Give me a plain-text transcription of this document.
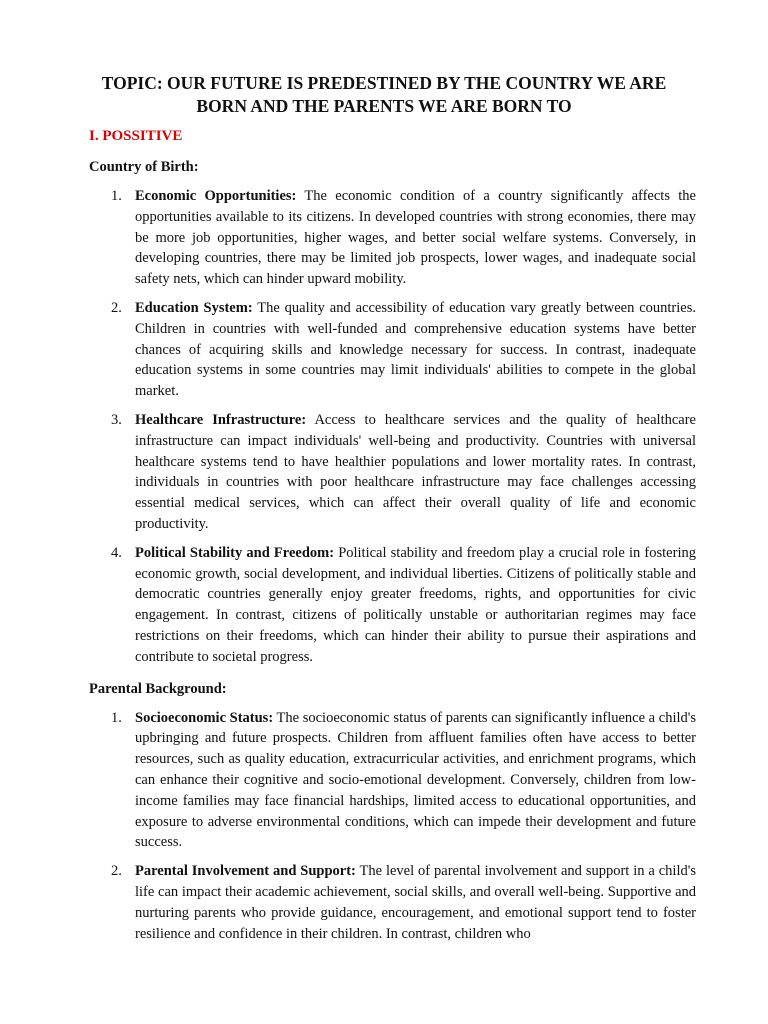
TOPIC: OUR FUTURE IS PREDESTINED BY THE COUNTRY WE ARE BORN AND THE PARENTS WE ARE BORN TO
I. POSSITIVE
Country of Birth:
1. Economic Opportunities: The economic condition of a country significantly affects the opportunities available to its citizens. In developed countries with strong economies, there may be more job opportunities, higher wages, and better social welfare systems. Conversely, in developing countries, there may be limited job prospects, lower wages, and inadequate social safety nets, which can hinder upward mobility.
2. Education System: The quality and accessibility of education vary greatly between countries. Children in countries with well-funded and comprehensive education systems have better chances of acquiring skills and knowledge necessary for success. In contrast, inadequate education systems in some countries may limit individuals' abilities to compete in the global market.
3. Healthcare Infrastructure: Access to healthcare services and the quality of healthcare infrastructure can impact individuals' well-being and productivity. Countries with universal healthcare systems tend to have healthier populations and lower mortality rates. In contrast, individuals in countries with poor healthcare infrastructure may face challenges accessing essential medical services, which can affect their overall quality of life and economic productivity.
4. Political Stability and Freedom: Political stability and freedom play a crucial role in fostering economic growth, social development, and individual liberties. Citizens of politically stable and democratic countries generally enjoy greater freedoms, rights, and opportunities for civic engagement. In contrast, citizens of politically unstable or authoritarian regimes may face restrictions on their freedoms, which can hinder their ability to pursue their aspirations and contribute to societal progress.
Parental Background:
1. Socioeconomic Status: The socioeconomic status of parents can significantly influence a child's upbringing and future prospects. Children from affluent families often have access to better resources, such as quality education, extracurricular activities, and enrichment programs, which can enhance their cognitive and socio-emotional development. Conversely, children from low-income families may face financial hardships, limited access to educational opportunities, and exposure to adverse environmental conditions, which can impede their development and future success.
2. Parental Involvement and Support: The level of parental involvement and support in a child's life can impact their academic achievement, social skills, and overall well-being. Supportive and nurturing parents who provide guidance, encouragement, and emotional support tend to foster resilience and confidence in their children. In contrast, children who
